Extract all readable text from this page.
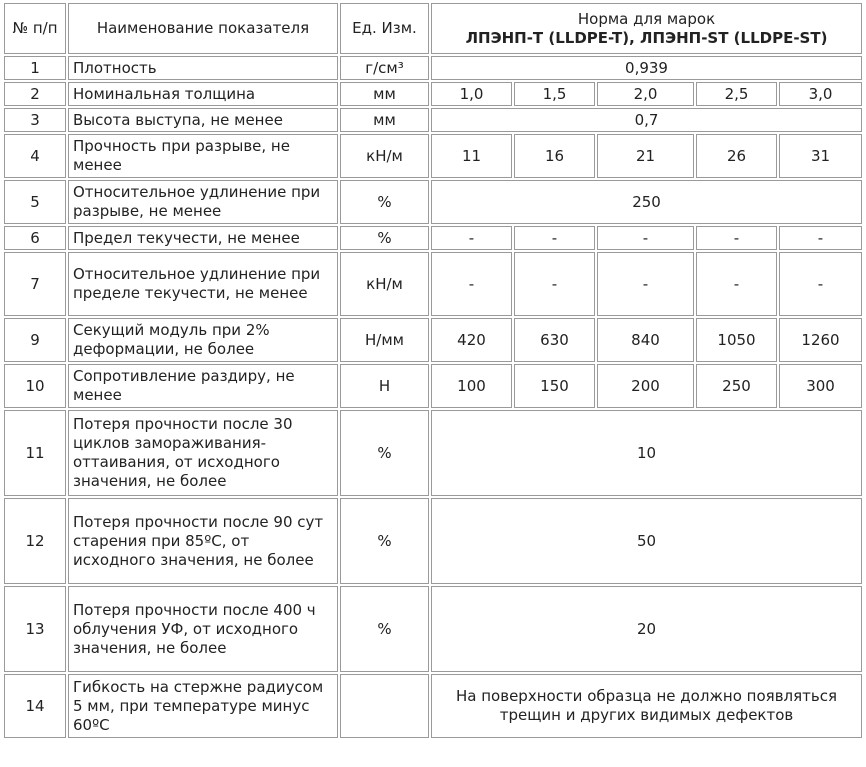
№ п/п	Наименование показателя	Ед. Изм.	Норма для марок
ЛПЭНП-T (LLDPE-T), ЛПЭНП-ST (LLDPE-ST)				

1	Плотность	г/см³	0,939				
2	Номинальная толщина	мм	1,0	1,5	2,0	2,5	3,0
3	Высота выступа, не менее	мм	0,7				
4	Прочность при разрыве, не менее	кН/м	11	16	21	26	31
5	Относительное удлинение при разрыве, не менее	%	250				
6	Предел текучести, не менее	%	-	-	-	-	-
7	Относительное удлинение при пределе текучести, не менее	кН/м	-	-	-	-	-
9	Секущий модуль при 2% деформации, не более	Н/мм	420	630	840	1050	1260
10	Сопротивление раздиру, не менее	Н	100	150	200	250	300
11	Потеря прочности после 30 циклов замораживания-оттаивания, от исходного значения, не более	%	10				
12	Потеря прочности после 90 сут старения при 85ºС, от исходного значения, не более	%	50				
13	Потеря прочности после 400 ч облучения УФ, от исходного значения, не более	%	20				
14	Гибкость на стержне радиусом 5 мм, при температуре минус 60ºС		На поверхности образца не должно появляться трещин и других видимых дефектов				
